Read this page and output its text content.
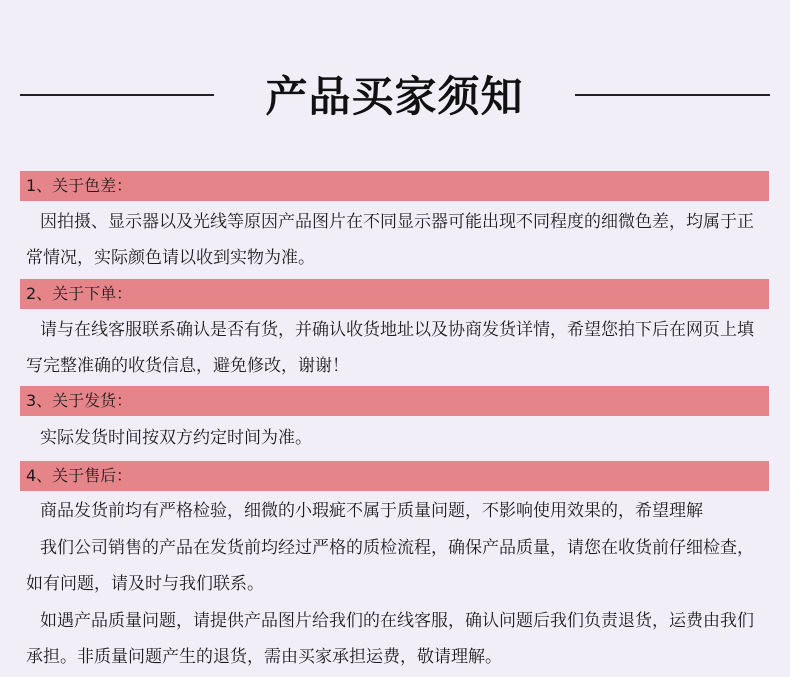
产品买家须知
1、关于色差：

因拍摄、显示器以及光线等原因产品图片在不同显示器可能出现不同程度的细微色差，均属于正常情况，实际颜色请以收到实物为准。

2、关于下单：

请与在线客服联系确认是否有货，并确认收货地址以及协商发货详情，希望您拍下后在网页上填写完整准确的收货信息，避免修改，谢谢！

3、关于发货：

实际发货时间按双方约定时间为准。

4、关于售后：

商品发货前均有严格检验，细微的小瑕疵不属于质量问题，不影响使用效果的，希望理解

我们公司销售的产品在发货前均经过严格的质检流程，确保产品质量，请您在收货前仔细检查，如有问题，请及时与我们联系。

如遇产品质量问题，请提供产品图片给我们的在线客服，确认问题后我们负责退货，运费由我们承担。非质量问题产生的退货，需由买家承担运费，敬请理解。
